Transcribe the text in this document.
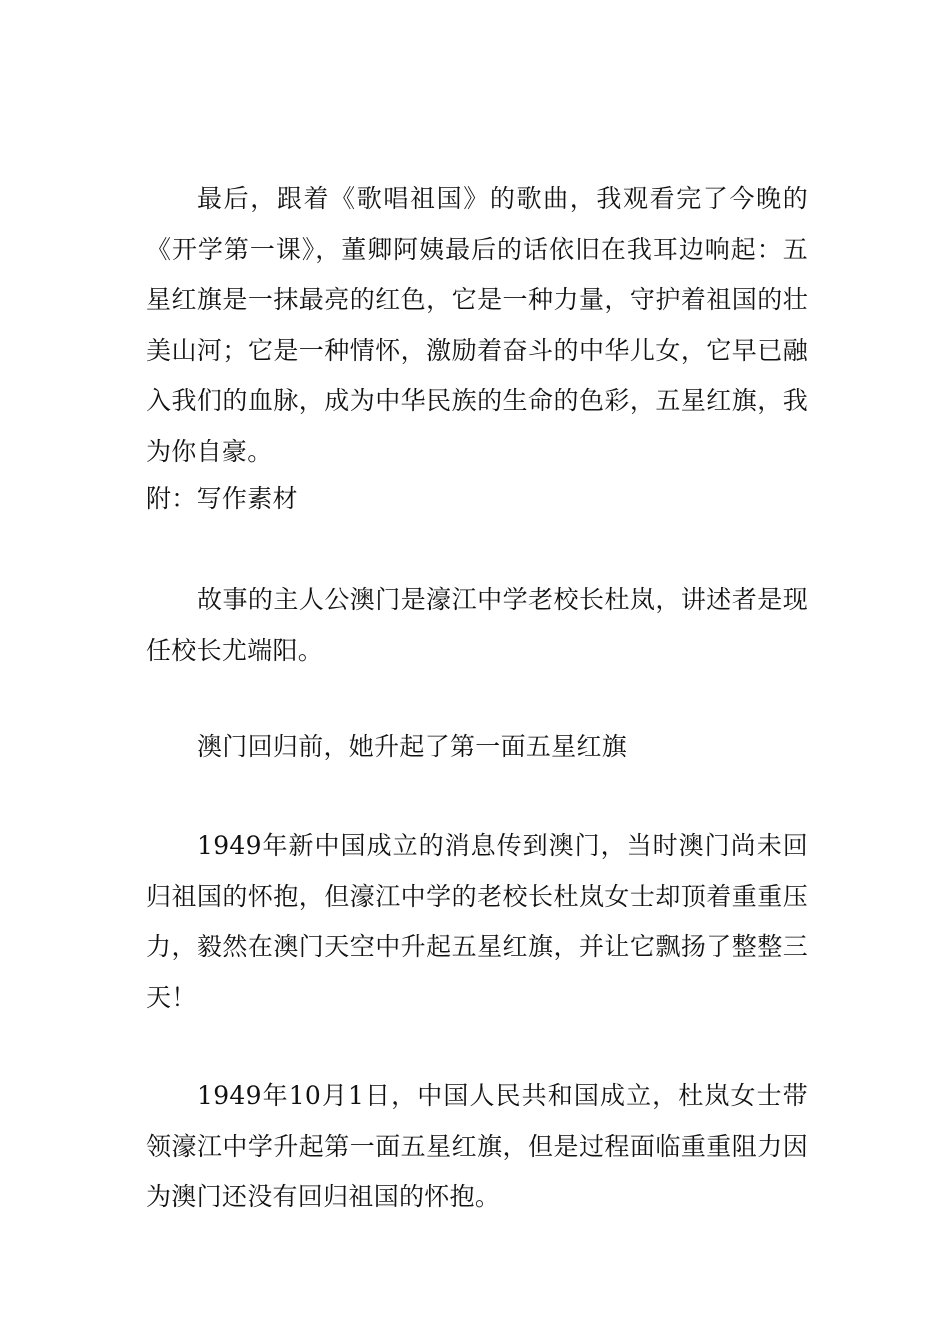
最后，跟着《歌唱祖国》的歌曲，我观看完了今晚的《开学第一课》，董卿阿姨最后的话依旧在我耳边响起：五星红旗是一抹最亮的红色，它是一种力量，守护着祖国的壮美山河；它是一种情怀，激励着奋斗的中华儿女，它早已融入我们的血脉，成为中华民族的生命的色彩，五星红旗，我为你自豪。

附：写作素材

故事的主人公澳门是濠江中学老校长杜岚，讲述者是现任校长尤端阳。

澳门回归前，她升起了第一面五星红旗

1949年新中国成立的消息传到澳门，当时澳门尚未回归祖国的怀抱，但濠江中学的老校长杜岚女士却顶着重重压力，毅然在澳门天空中升起五星红旗，并让它飘扬了整整三天！

1949年10月1日，中国人民共和国成立，杜岚女士带领濠江中学升起第一面五星红旗，但是过程面临重重阻力因为澳门还没有回归祖国的怀抱。
